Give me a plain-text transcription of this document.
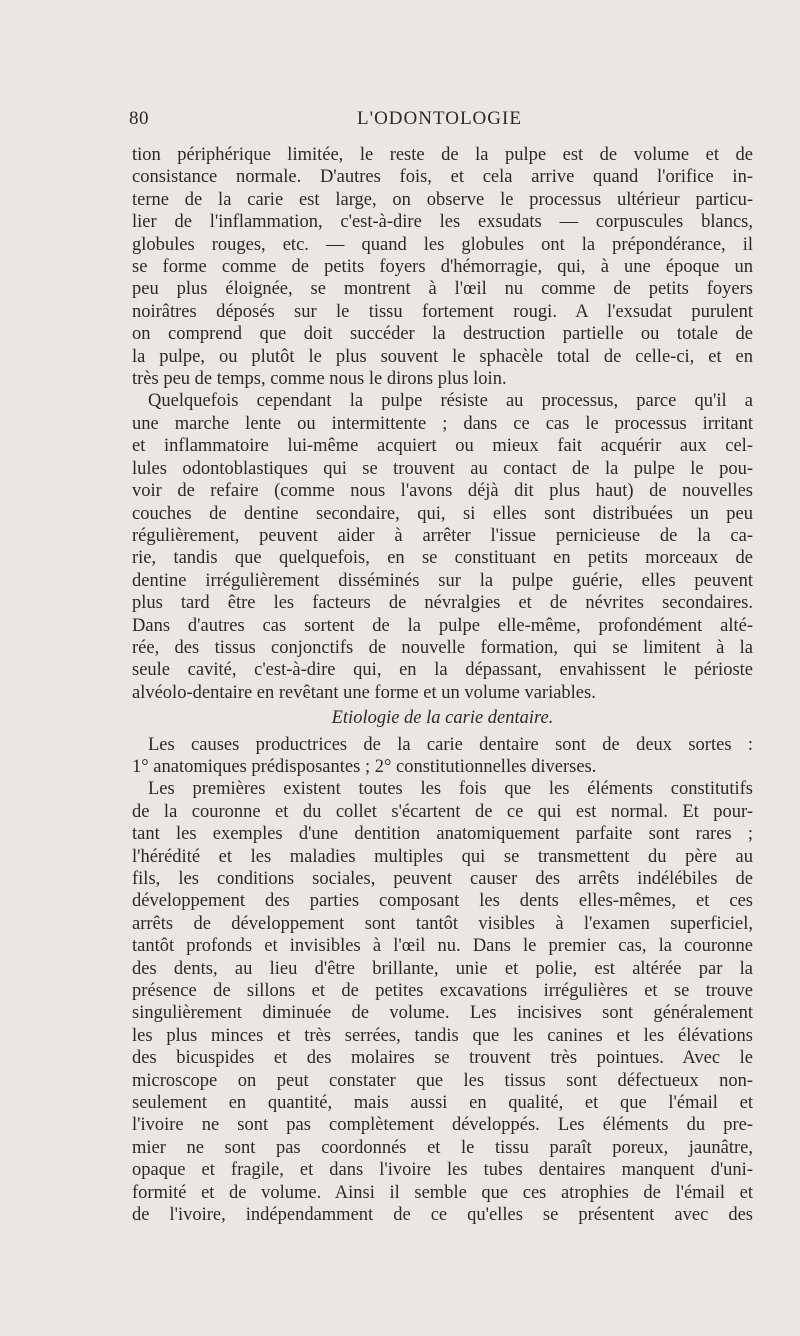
80	L'ODONTOLOGIE
tion périphérique limitée, le reste de la pulpe est de volume et de
consistance normale. D'autres fois, et cela arrive quand l'orifice in-
terne de la carie est large, on observe le processus ultérieur particu-
lier de l'inflammation, c'est-à-dire les exsudats — corpuscules blancs,
globules rouges, etc. — quand les globules ont la prépondérance, il
se forme comme de petits foyers d'hémorragie, qui, à une époque un
peu plus éloignée, se montrent à l'œil nu comme de petits foyers
noirâtres déposés sur le tissu fortement rougi. A l'exsudat purulent
on comprend que doit succéder la destruction partielle ou totale de
la pulpe, ou plutôt le plus souvent le sphacèle total de celle-ci, et en
très peu de temps, comme nous le dirons plus loin.
Quelquefois cependant la pulpe résiste au processus, parce qu'il a
une marche lente ou intermittente ; dans ce cas le processus irritant
et inflammatoire lui-même acquiert ou mieux fait acquérir aux cel-
lules odontoblastiques qui se trouvent au contact de la pulpe le pou-
voir de refaire (comme nous l'avons déjà dit plus haut) de nouvelles
couches de dentine secondaire, qui, si elles sont distribuées un peu
régulièrement, peuvent aider à arrêter l'issue pernicieuse de la ca-
rie, tandis que quelquefois, en se constituant en petits morceaux de
dentine irrégulièrement disséminés sur la pulpe guérie, elles peuvent
plus tard être les facteurs de névralgies et de névrites secondaires.
Dans d'autres cas sortent de la pulpe elle-même, profondément alté-
rée, des tissus conjonctifs de nouvelle formation, qui se limitent à la
seule cavité, c'est-à-dire qui, en la dépassant, envahissent le périoste
alvéolo-dentaire en revêtant une forme et un volume variables.
Etiologie de la carie dentaire.
Les causes productrices de la carie dentaire sont de deux sortes :
1° anatomiques prédisposantes ; 2° constitutionnelles diverses.
Les premières existent toutes les fois que les éléments constitutifs
de la couronne et du collet s'écartent de ce qui est normal. Et pour-
tant les exemples d'une dentition anatomiquement parfaite sont rares ;
l'hérédité et les maladies multiples qui se transmettent du père au
fils, les conditions sociales, peuvent causer des arrêts indélébiles de
développement des parties composant les dents elles-mêmes, et ces
arrêts de développement sont tantôt visibles à l'examen superficiel,
tantôt profonds et invisibles à l'œil nu. Dans le premier cas, la couronne
des dents, au lieu d'être brillante, unie et polie, est altérée par la
présence de sillons et de petites excavations irrégulières et se trouve
singulièrement diminuée de volume. Les incisives sont généralement
les plus minces et très serrées, tandis que les canines et les élévations
des bicuspides et des molaires se trouvent très pointues. Avec le
microscope on peut constater que les tissus sont défectueux non-
seulement en quantité, mais aussi en qualité, et que l'émail et
l'ivoire ne sont pas complètement développés. Les éléments du pre-
mier ne sont pas coordonnés et le tissu paraît poreux, jaunâtre,
opaque et fragile, et dans l'ivoire les tubes dentaires manquent d'uni-
formité et de volume. Ainsi il semble que ces atrophies de l'émail et
de l'ivoire, indépendamment de ce qu'elles se présentent avec des
